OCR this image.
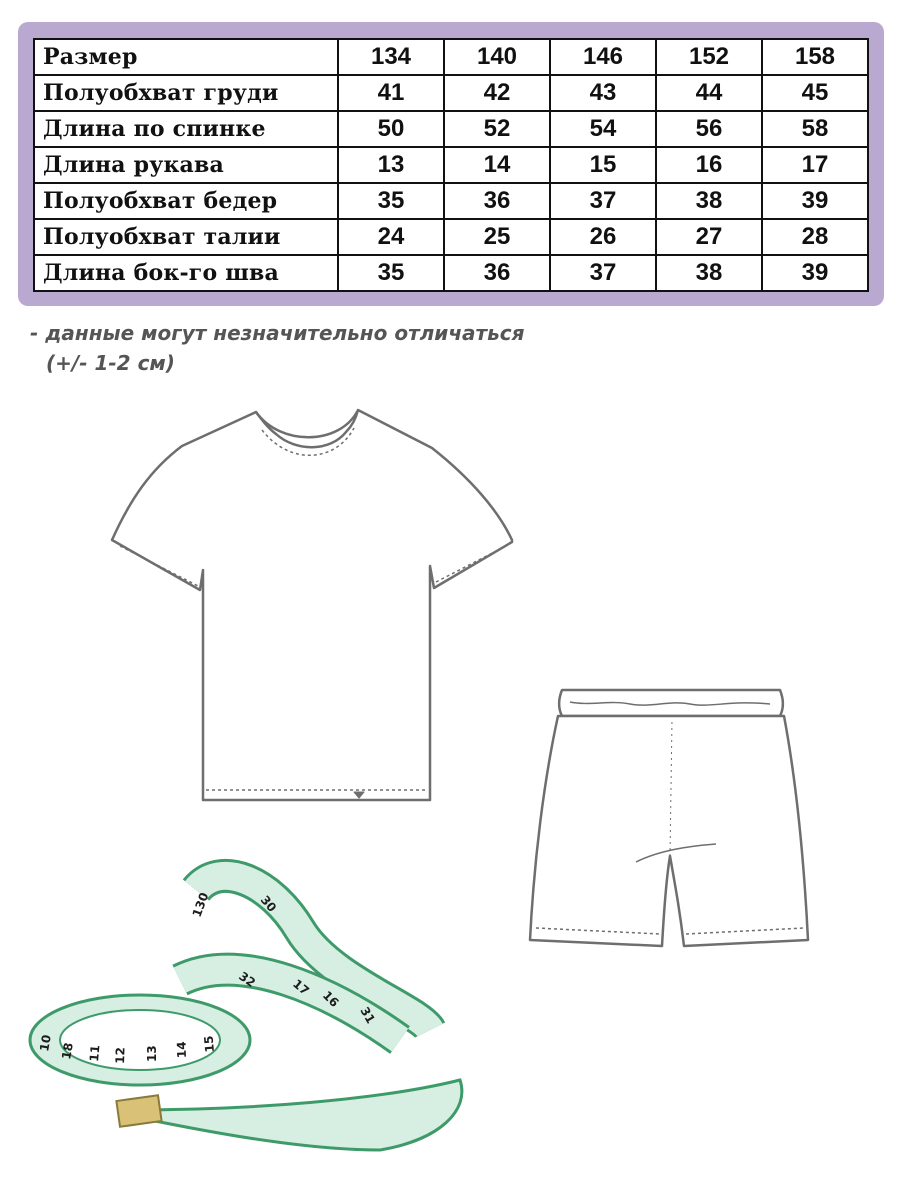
Размер	134	140	146	152	158
Полуобхват груди	41	42	43	44	45
Длина по спинке	50	52	54	56	58
Длина рукава	13	14	15	16	17
Полуобхват бедер	35	36	37	38	39
Полуобхват талии	24	25	26	27	28
Длина бок-го шва	35	36	37	38	39
- данные могут незначительно отличаться
(+/- 1-2 см)
130
31
32
30
16
17
18
10
11 12 13 14 15
